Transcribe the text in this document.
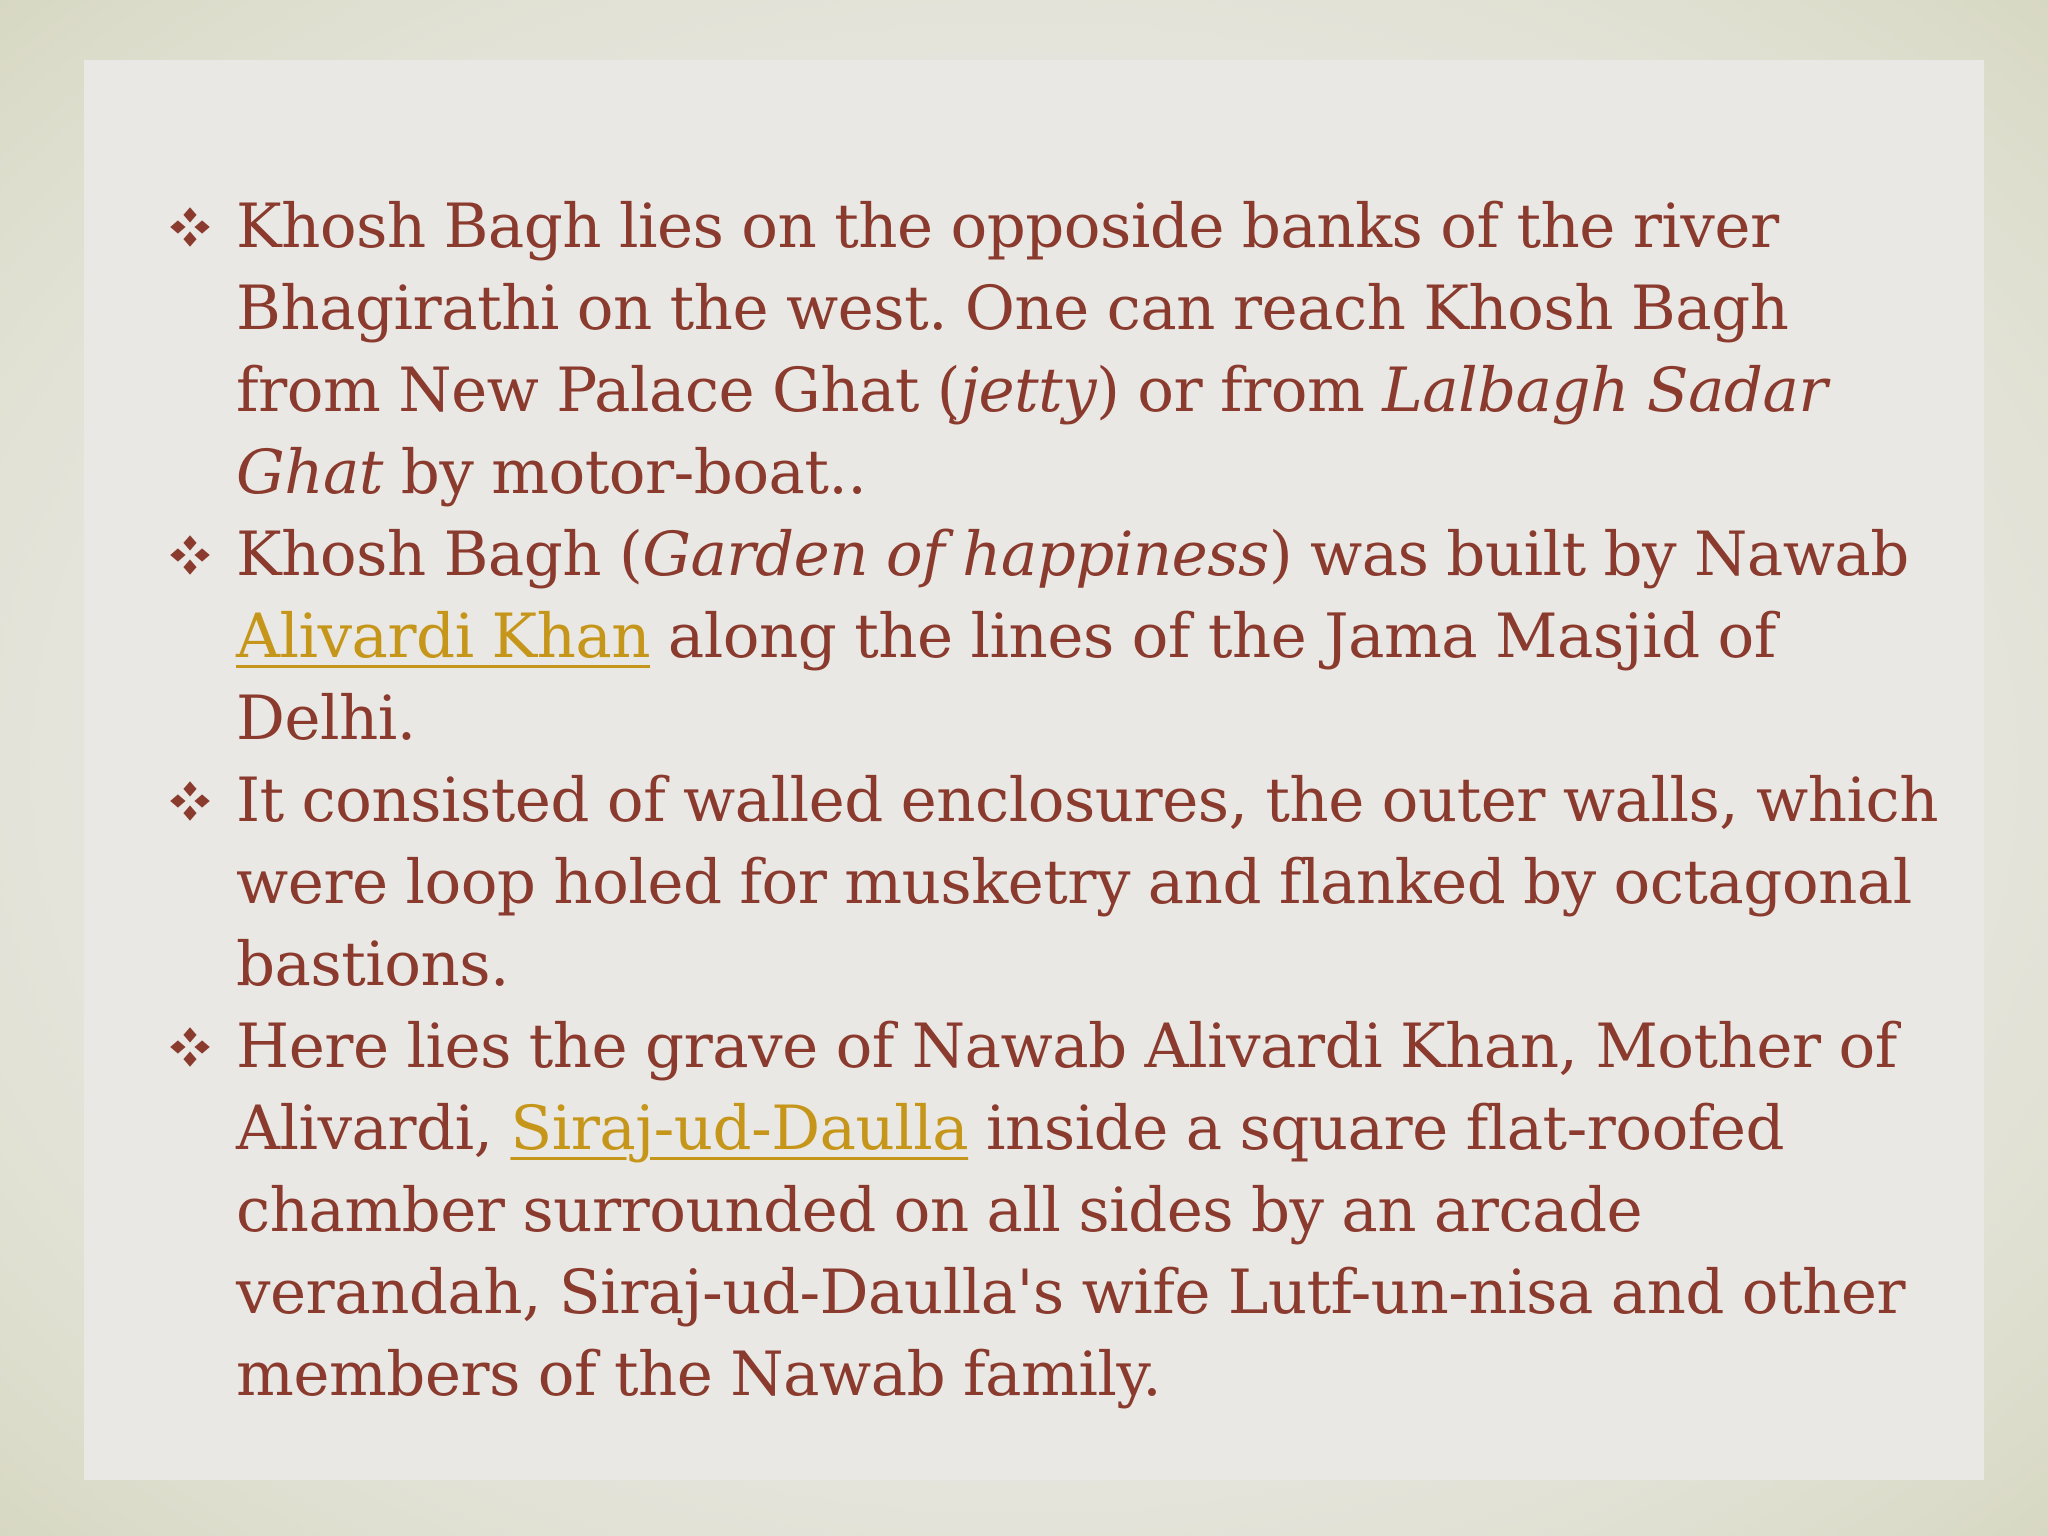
Khosh Bagh lies on the opposide banks of the river Bhagirathi on the west. One can reach Khosh Bagh from New Palace Ghat (jetty) or from Lalbagh Sadar Ghat by motor-boat..
Khosh Bagh (Garden of happiness) was built by Nawab Alivardi Khan along the lines of the Jama Masjid of Delhi.
It consisted of walled enclosures, the outer walls, which were loop holed for musketry and flanked by octagonal bastions.
Here lies the grave of Nawab Alivardi Khan, Mother of Alivardi, Siraj-ud-Daulla inside a square flat-roofed chamber surrounded on all sides by an arcade verandah, Siraj-ud-Daulla's wife Lutf-un-nisa and other members of the Nawab family.
